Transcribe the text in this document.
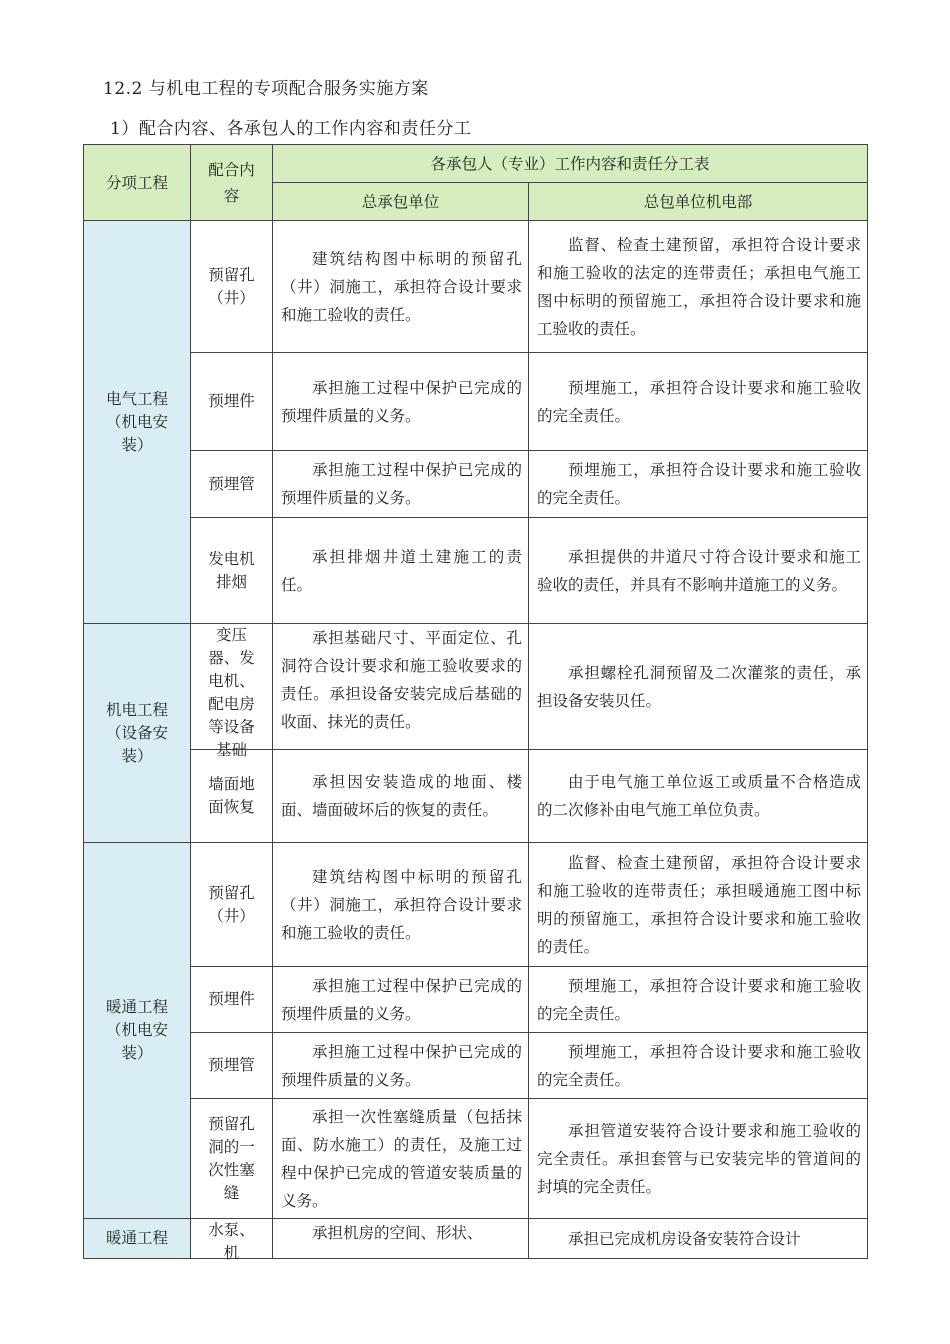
12.2 与机电工程的专项配合服务实施方案
1）配合内容、各承包人的工作内容和责任分工
分项工程	配合内容	各承包人（专业）工作内容和责任分工表	
		总承包单位	总包单位机电部
电气工程（机电安装）	预留孔（井）	建筑结构图中标明的预留孔（井）洞施工，承担符合设计要求和施工验收的责任。	监督、检查土建预留，承担符合设计要求和施工验收的法定的连带责任；承担电气施工图中标明的预留施工，承担符合设计要求和施工验收的责任。
	预埋件	承担施工过程中保护已完成的预埋件质量的义务。	预埋施工，承担符合设计要求和施工验收的完全责任。
	预埋管	承担施工过程中保护已完成的预埋件质量的义务。	预埋施工，承担符合设计要求和施工验收的完全责任。
	发电机排烟	承担排烟井道土建施工的责任。	承担提供的井道尺寸符合设计要求和施工验收的责任，并具有不影响井道施工的义务。
机电工程（设备安装）	变压器、发电机、配电房等设备基础	承担基础尺寸、平面定位、孔洞符合设计要求和施工验收要求的责任。承担设备安装完成后基础的收面、抹光的责任。	承担螺栓孔洞预留及二次灌浆的责任，承担设备安装贝任。
	墙面地面恢复	承担因安装造成的地面、楼面、墙面破坏后的恢复的责任。	由于电气施工单位返工或质量不合格造成的二次修补由电气施工单位负责。
暖通工程（机电安装）	预留孔（井）	建筑结构图中标明的预留孔（井）洞施工，承担符合设计要求和施工验收的责任。	监督、检查土建预留，承担符合设计要求和施工验收的连带责任；承担暖通施工图中标明的预留施工，承担符合设计要求和施工验收的责任。
	预埋件	承担施工过程中保护已完成的预埋件质量的义务。	预埋施工，承担符合设计要求和施工验收的完全责任。
	预埋管	承担施工过程中保护已完成的预埋件质量的义务。	预埋施工，承担符合设计要求和施工验收的完全责任。
	预留孔洞的一次性塞缝	承担一次性塞缝质量（包括抹面、防水施工）的责任，及施工过程中保护已完成的管道安装质量的义务。	承担管道安装符合设计要求和施工验收的完全责任。承担套管与已安装完毕的管道间的封填的完全责任。
暖通工程	水泵、机	承担机房的空间、形状、	承担已完成机房设备安装符合设计
